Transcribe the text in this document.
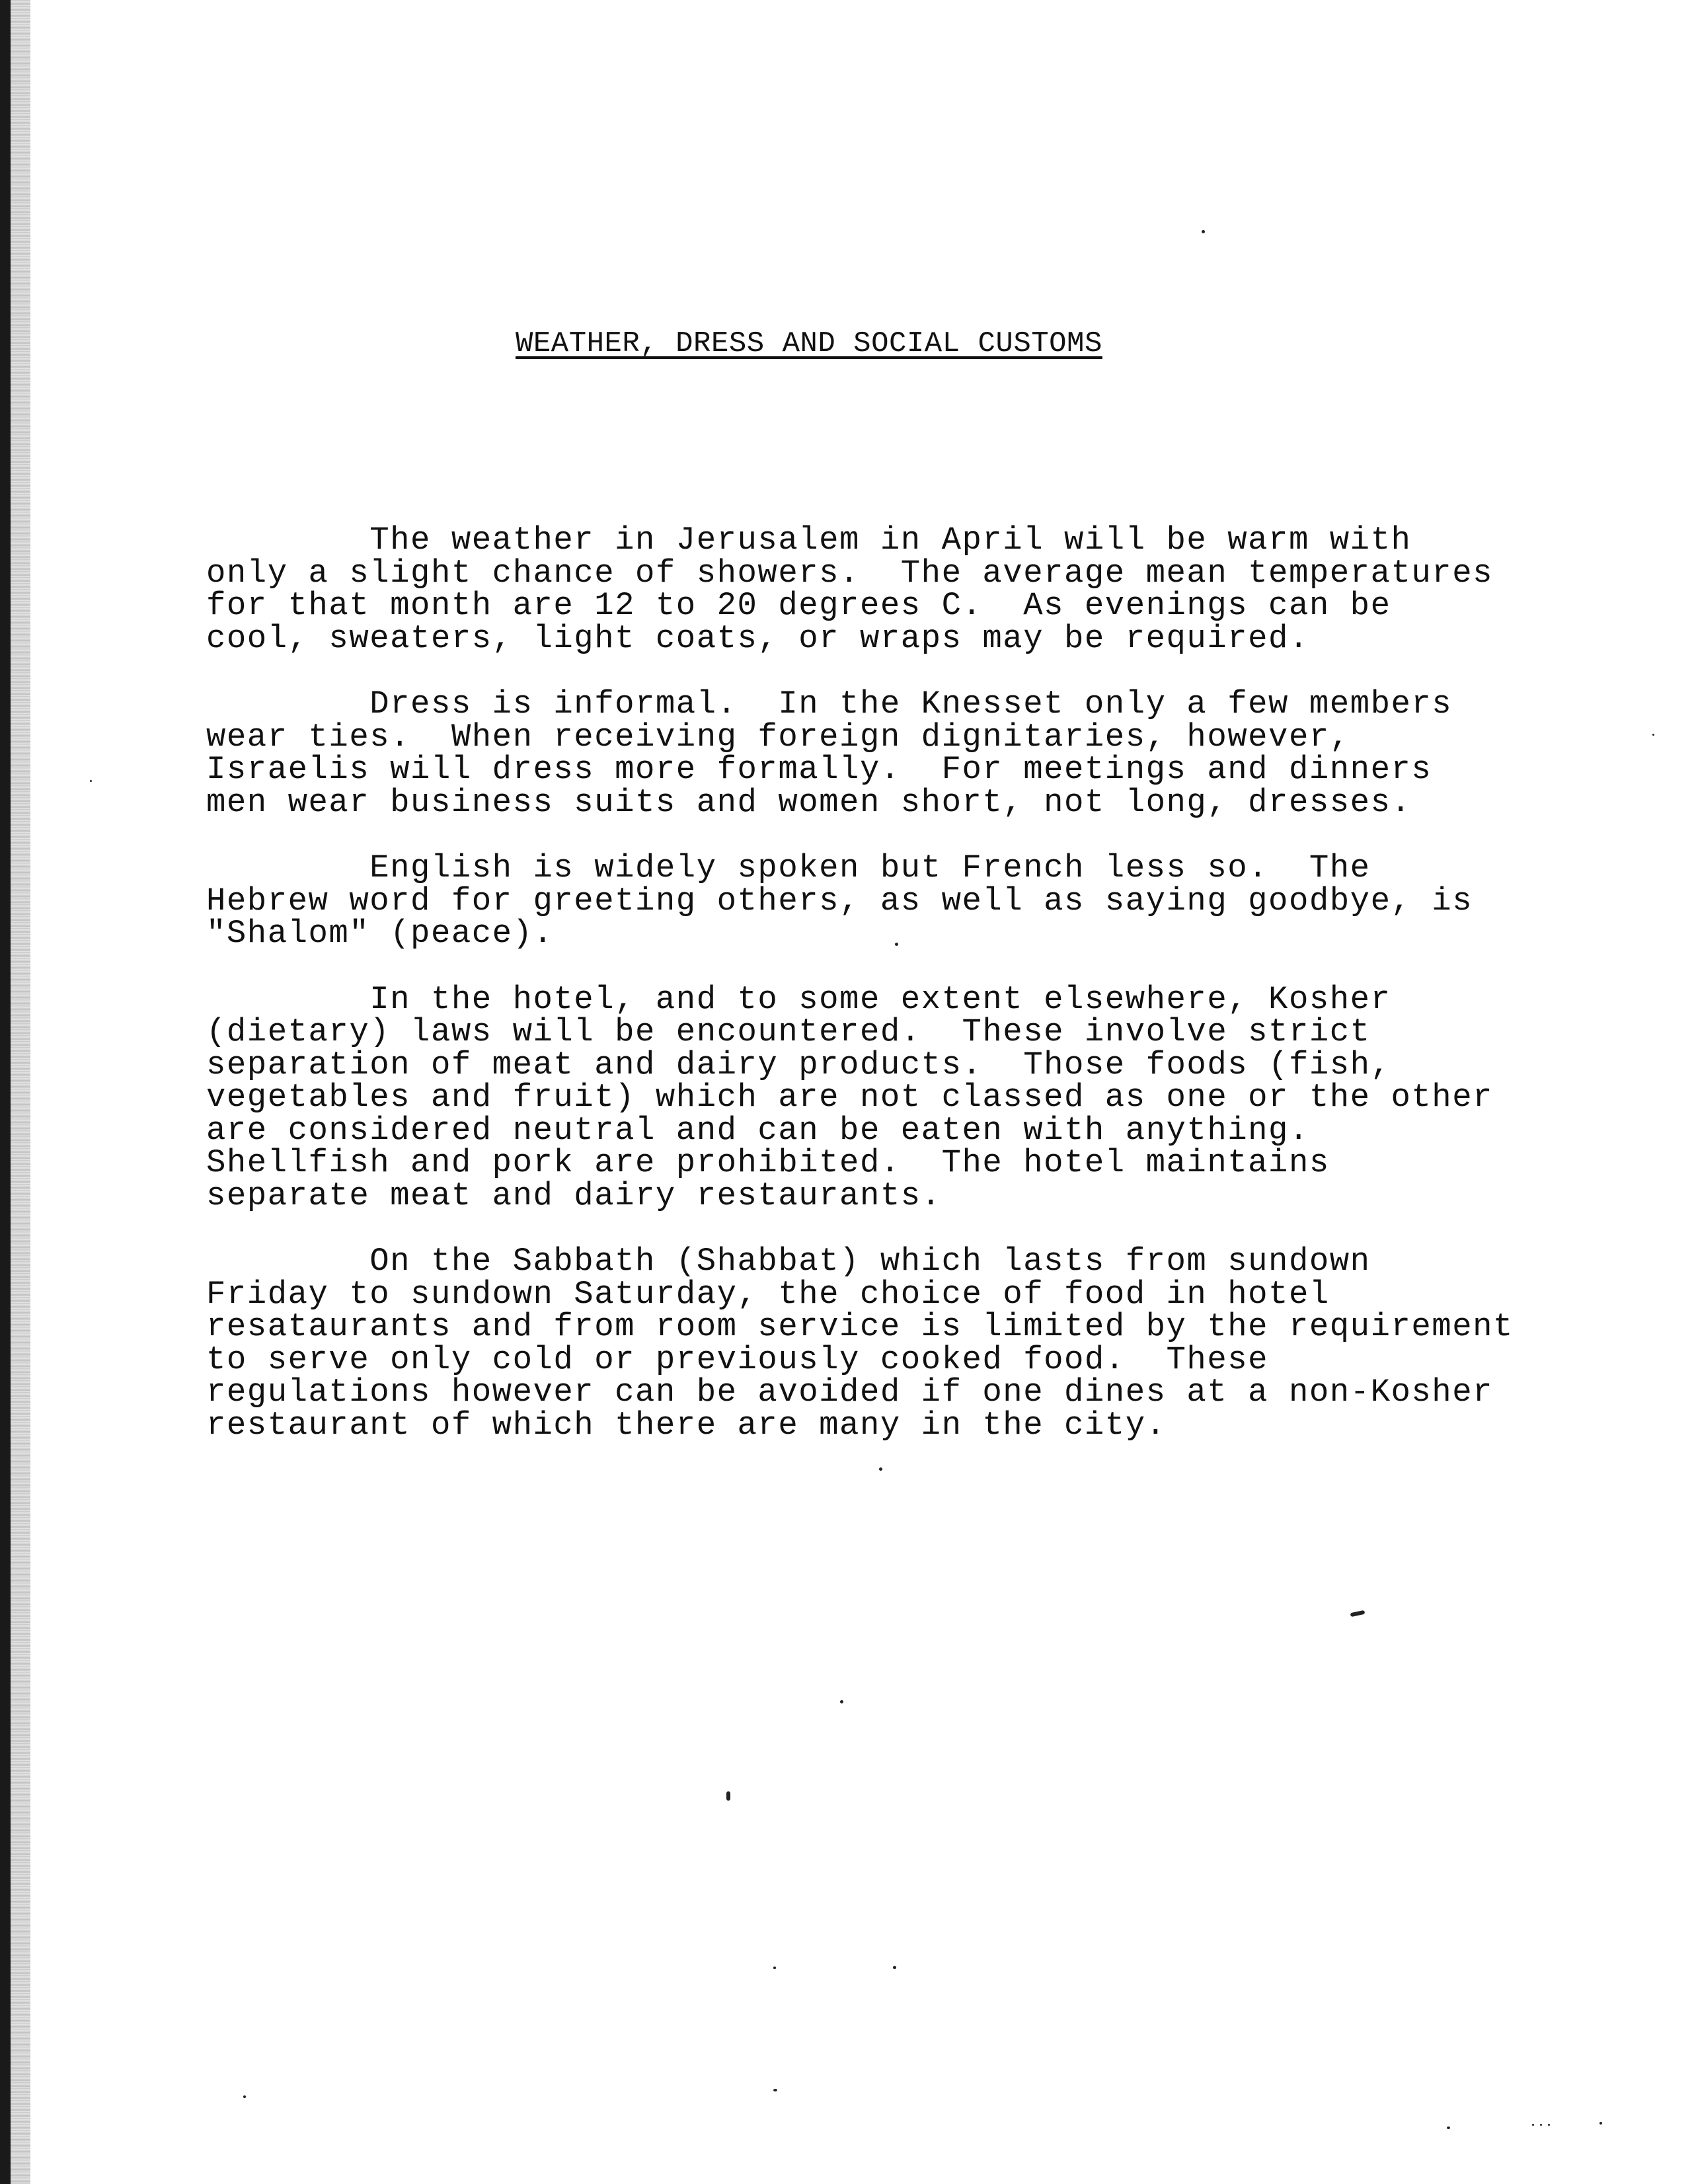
WEATHER, DRESS AND SOCIAL CUSTOMS
The weather in Jerusalem in April will be warm with
only a slight chance of showers.  The average mean temperatures
for that month are 12 to 20 degrees C.  As evenings can be
cool, sweaters, light coats, or wraps may be required.
Dress is informal.  In the Knesset only a few members
wear ties.  When receiving foreign dignitaries, however,
Israelis will dress more formally.  For meetings and dinners
men wear business suits and women short, not long, dresses.
English is widely spoken but French less so.  The
Hebrew word for greeting others, as well as saying goodbye, is
"Shalom" (peace).
In the hotel, and to some extent elsewhere, Kosher
(dietary) laws will be encountered.  These involve strict
separation of meat and dairy products.  Those foods (fish,
vegetables and fruit) which are not classed as one or the other
are considered neutral and can be eaten with anything.
Shellfish and pork are prohibited.  The hotel maintains
separate meat and dairy restaurants.
On the Sabbath (Shabbat) which lasts from sundown
Friday to sundown Saturday, the choice of food in hotel
resataurants and from room service is limited by the requirement
to serve only cold or previously cooked food.  These
regulations however can be avoided if one dines at a non-Kosher
restaurant of which there are many in the city.
